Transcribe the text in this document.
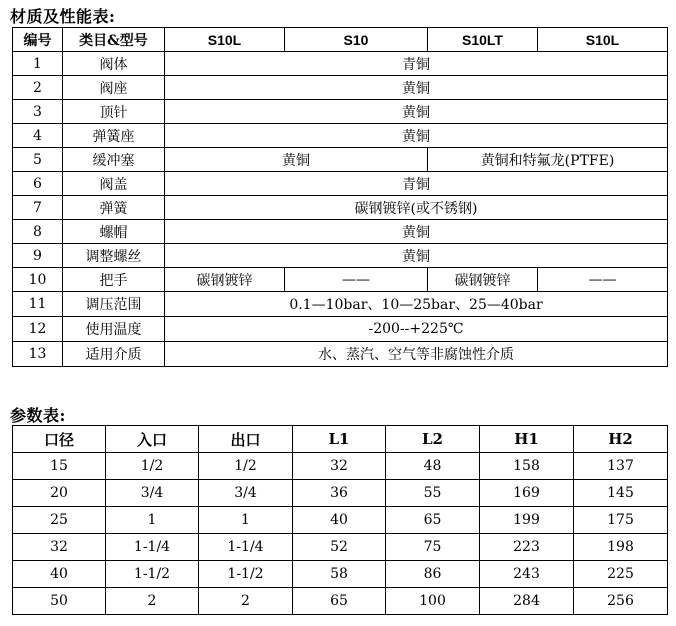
材质及性能表:
编号	类目&型号	S10L	S10	S10LT	S10L
1	阀体	青铜			
2	阀座	黄铜			
3	顶针	黄铜			
4	弹簧座	黄铜			
5	缓冲塞	黄铜		黄铜和特氟龙(PTFE)	
6	阀盖	青铜			
7	弹簧	碳钢镀锌(或不锈钢)			
8	螺帽	黄铜			
9	调整螺丝	黄铜			
10	把手	碳钢镀锌	——	碳钢镀锌	——
11	调压范围	0.1—10bar、10—25bar、25—40bar			
12	使用温度	-200--+225℃			
13	适用介质	水、蒸汽、空气等非腐蚀性介质			
参数表:
口径	入口	出口	L1	L2	H1	H2
15	1/2	1/2	32	48	158	137
20	3/4	3/4	36	55	169	145
25	1	1	40	65	199	175
32	1-1/4	1-1/4	52	75	223	198
40	1-1/2	1-1/2	58	86	243	225
50	2	2	65	100	284	256
